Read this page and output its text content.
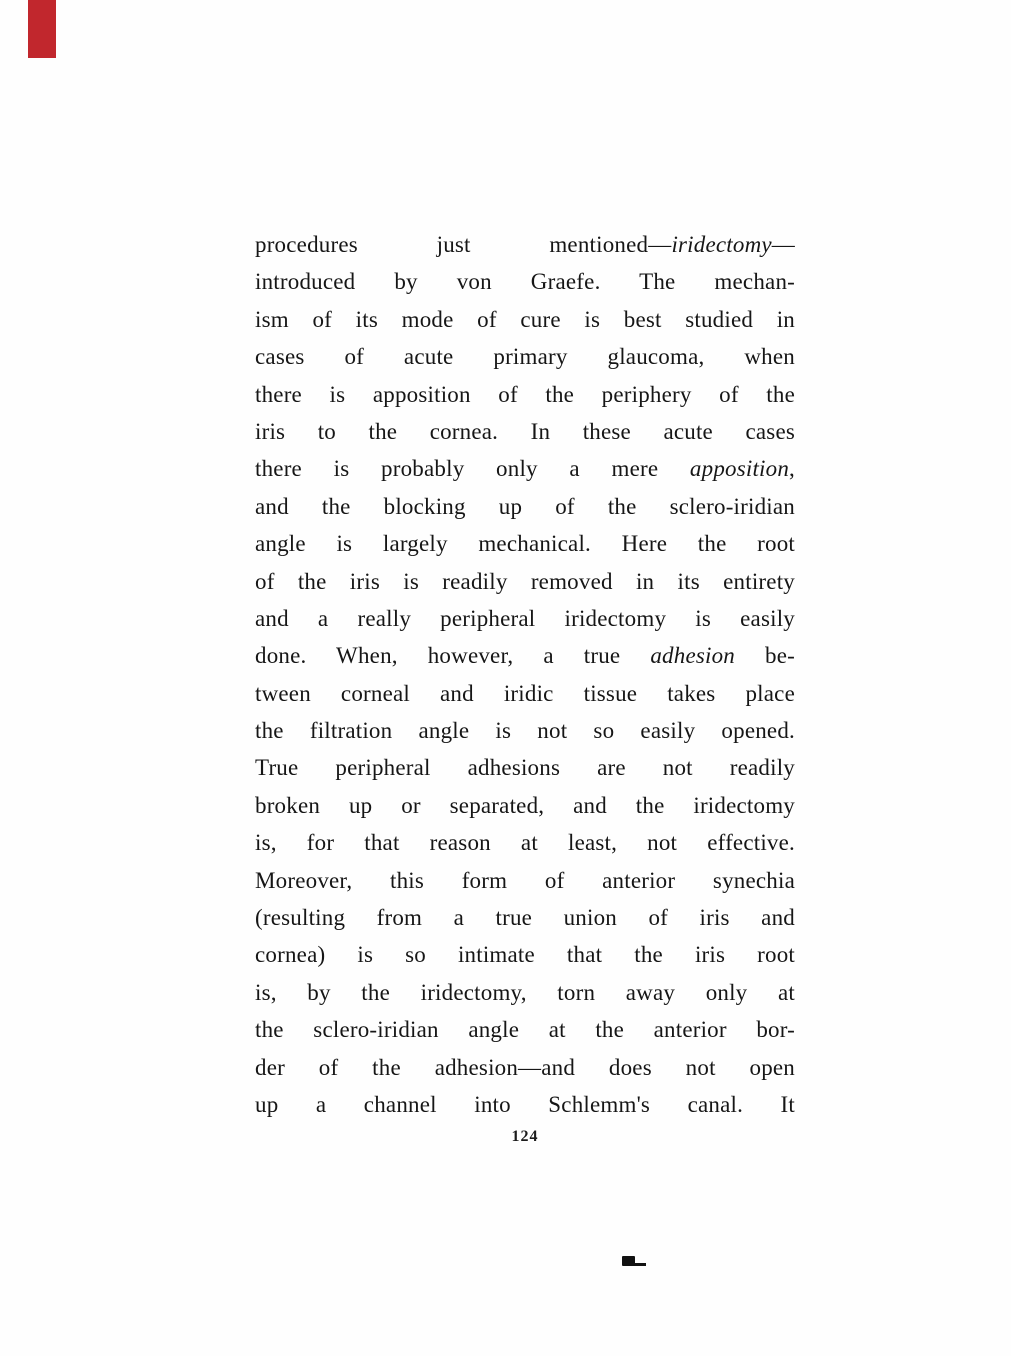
procedures just mentioned—iridectomy—
introduced by von Graefe. The mechan-
ism of its mode of cure is best studied in
cases of acute primary glaucoma, when
there is apposition of the periphery of the
iris to the cornea. In these acute cases
there is probably only a mere apposition,
and the blocking up of the sclero-iridian
angle is largely mechanical. Here the root
of the iris is readily removed in its entirety
and a really peripheral iridectomy is easily
done. When, however, a true adhesion be-
tween corneal and iridic tissue takes place
the filtration angle is not so easily opened.
True peripheral adhesions are not readily
broken up or separated, and the iridectomy
is, for that reason at least, not effective.
Moreover, this form of anterior synechia
(resulting from a true union of iris and
cornea) is so intimate that the iris root
is, by the iridectomy, torn away only at
the sclero-iridian angle at the anterior bor-
der of the adhesion—and does not open
up a channel into Schlemm's canal. It
124
